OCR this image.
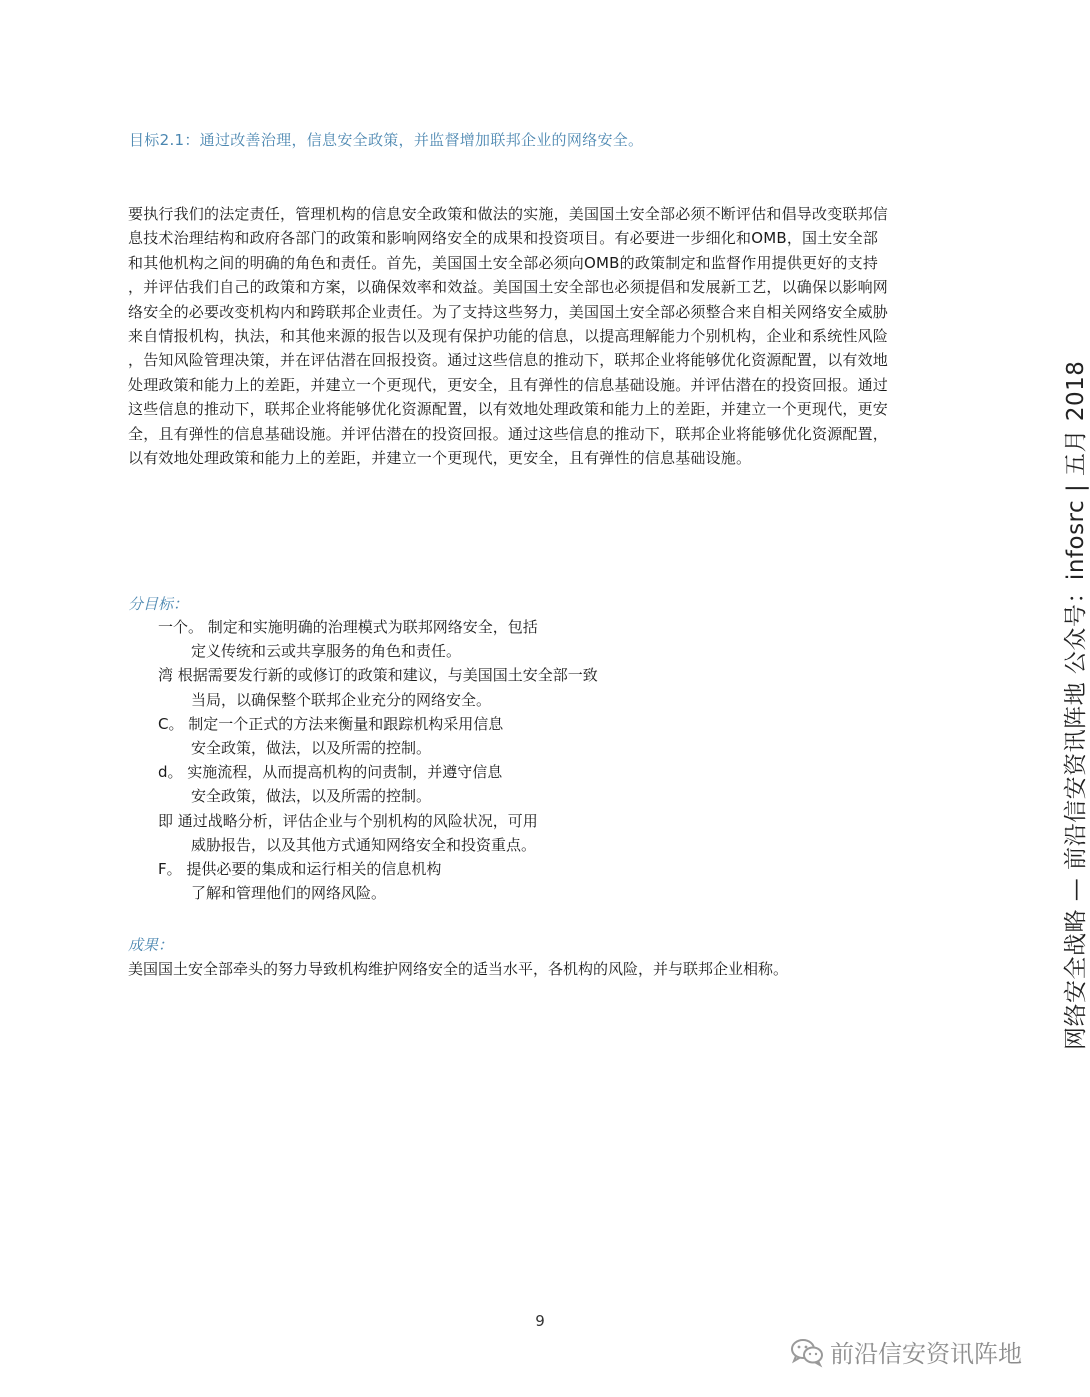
目标2.1：通过改善治理，信息安全政策，并监督增加联邦企业的网络安全。
要执行我们的法定责任，管理机构的信息安全政策和做法的实施，美国国土安全部必须不断评估和倡导改变联邦信
息技术治理结构和政府各部门的政策和影响网络安全的成果和投资项目。有必要进一步细化和OMB，国土安全部
和其他机构之间的明确的角色和责任。首先，美国国土安全部必须向OMB的政策制定和监督作用提供更好的支持
，并评估我们自己的政策和方案，以确保效率和效益。美国国土安全部也必须提倡和发展新工艺，以确保以影响网
络安全的必要改变机构内和跨联邦企业责任。为了支持这些努力，美国国土安全部必须整合来自相关网络安全威胁
来自情报机构，执法，和其他来源的报告以及现有保护功能的信息，以提高理解能力个别机构，企业和系统性风险
，告知风险管理决策，并在评估潜在回报投资。通过这些信息的推动下，联邦企业将能够优化资源配置，以有效地
处理政策和能力上的差距，并建立一个更现代，更安全，且有弹性的信息基础设施。并评估潜在的投资回报。通过
这些信息的推动下，联邦企业将能够优化资源配置，以有效地处理政策和能力上的差距，并建立一个更现代，更安
全，且有弹性的信息基础设施。并评估潜在的投资回报。通过这些信息的推动下，联邦企业将能够优化资源配置，
以有效地处理政策和能力上的差距，并建立一个更现代，更安全，且有弹性的信息基础设施。
分目标：
一个。 制定和实施明确的治理模式为联邦网络安全，包括
定义传统和云或共享服务的角色和责任。
湾 根据需要发行新的或修订的政策和建议，与美国国土安全部一致
当局，以确保整个联邦企业充分的网络安全。
C。 制定一个正式的方法来衡量和跟踪机构采用信息
安全政策，做法，以及所需的控制。
d。 实施流程，从而提高机构的问责制，并遵守信息
安全政策，做法，以及所需的控制。
即 通过战略分析，评估企业与个别机构的风险状况，可用
威胁报告，以及其他方式通知网络安全和投资重点。
F。 提供必要的集成和运行相关的信息机构
了解和管理他们的网络风险。
成果：
美国国土安全部牵头的努力导致机构维护网络安全的适当水平，各机构的风险，并与联邦企业相称。	网络安全战略 — 前沿信安资讯阵地 公众号：infosrc | 五月 2018
9
前沿信安资讯阵地
